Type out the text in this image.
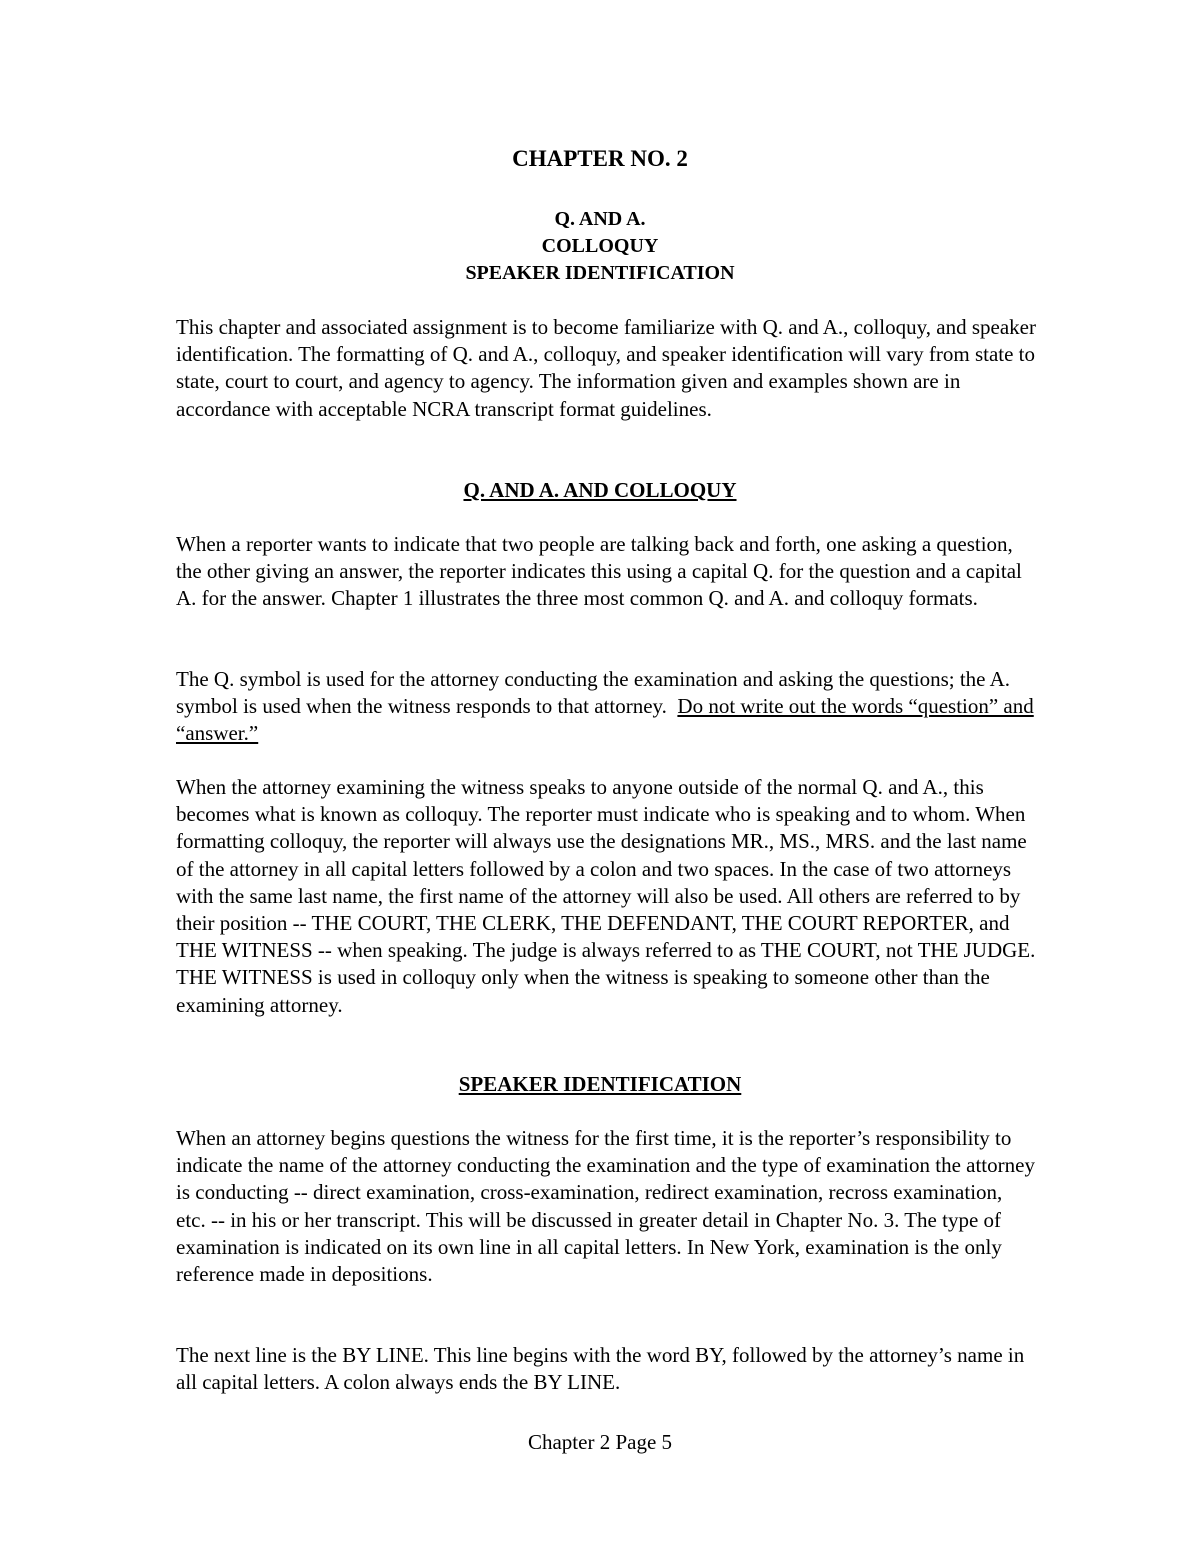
CHAPTER NO. 2
Q. AND A.
COLLOQUY
SPEAKER IDENTIFICATION

This chapter and associated assignment is to become familiarize with Q. and A., colloquy, and speaker identification. The formatting of Q. and A., colloquy, and speaker identification will vary from state to state, court to court, and agency to agency. The information given and examples shown are in accordance with acceptable NCRA transcript format guidelines.

Q. AND A. AND COLLOQUY

When a reporter wants to indicate that two people are talking back and forth, one asking a question, the other giving an answer, the reporter indicates this using a capital Q. for the question and a capital A. for the answer. Chapter 1 illustrates the three most common Q. and A. and colloquy formats.

The Q. symbol is used for the attorney conducting the examination and asking the questions; the A. symbol is used when the witness responds to that attorney. Do not write out the words “question” and “answer.”

When the attorney examining the witness speaks to anyone outside of the normal Q. and A., this becomes what is known as colloquy. The reporter must indicate who is speaking and to whom. When formatting colloquy, the reporter will always use the designations MR., MS., MRS. and the last name of the attorney in all capital letters followed by a colon and two spaces. In the case of two attorneys with the same last name, the first name of the attorney will also be used. All others are referred to by their position -- THE COURT, THE CLERK, THE DEFENDANT, THE COURT REPORTER, and THE WITNESS -- when speaking. The judge is always referred to as THE COURT, not THE JUDGE. THE WITNESS is used in colloquy only when the witness is speaking to someone other than the examining attorney.

SPEAKER IDENTIFICATION

When an attorney begins questions the witness for the first time, it is the reporter’s responsibility to indicate the name of the attorney conducting the examination and the type of examination the attorney is conducting -- direct examination, cross-examination, redirect examination, recross examination, etc. -- in his or her transcript. This will be discussed in greater detail in Chapter No. 3. The type of examination is indicated on its own line in all capital letters. In New York, examination is the only reference made in depositions.

The next line is the BY LINE. This line begins with the word BY, followed by the attorney’s name in all capital letters. A colon always ends the BY LINE.

Chapter 2 Page 5
